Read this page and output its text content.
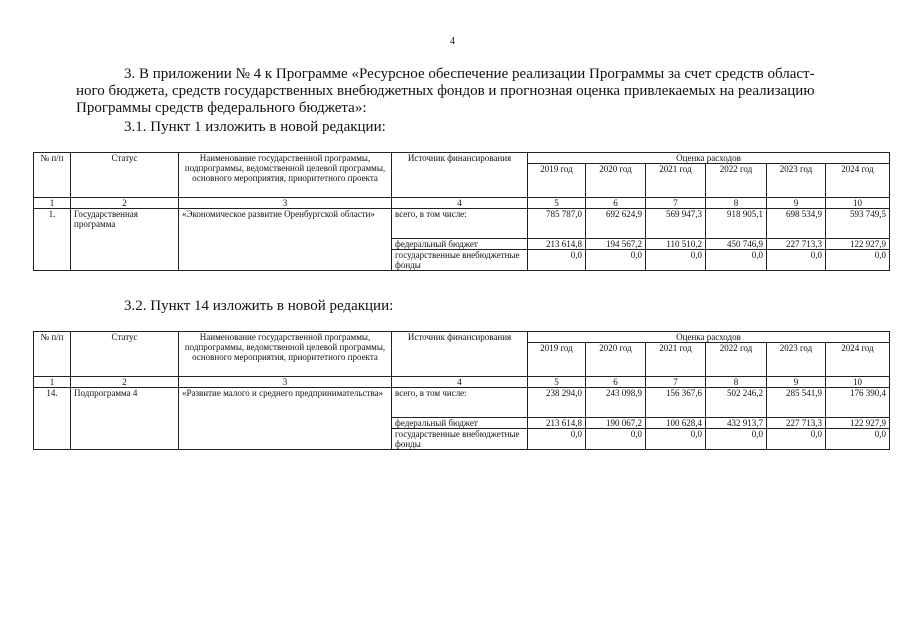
4
3. В приложении № 4 к Программе «Ресурсное обеспечение реализации Программы за счет средств област-
ного бюджета, средств государственных внебюджетных фондов и прогнозная оценка привлекаемых на реализацию
Программы средств федерального бюджета»:
3.1. Пункт 1 изложить в новой редакции:
№ п/п	Статус	Наименование государственной программы, подпрограммы, ведомственной целевой программы, основного мероприятия, приоритетного проекта	Источник финансирования	Оценка расходов					
				2019 год	2020 год	2021 год	2022 год	2023 год	2024 год
1	2	3	4	5	6	7	8	9	10
1.	Государственная программа	«Экономическое развитие Оренбургской области»	всего, в том числе:	785 787,0	692 624,9	569 947,3	918 905,1	698 534,9	593 749,5
			федеральный бюджет	213 614,8	194 567,2	110 510,2	450 746,9	227 713,3	122 927,9
			государственные внебюджетные фонды	0,0	0,0	0,0	0,0	0,0	0,0
3.2. Пункт 14 изложить в новой редакции:
№ п/п	Статус	Наименование государственной программы, подпрограммы, ведомственной целевой программы, основного мероприятия, приоритетного проекта	Источник финансирования	Оценка расходов					
				2019 год	2020 год	2021 год	2022 год	2023 год	2024 год
1	2	3	4	5	6	7	8	9	10
14.	Подпрограмма 4	«Развитие малого и среднего предпринимательства»	всего, в том числе:	238 294,0	243 098,9	156 367,6	502 246,2	285 541,9	176 390,4
			федеральный бюджет	213 614,8	190 067,2	100 628,4	432 913,7	227 713,3	122 927,9
			государственные внебюджетные фонды	0,0	0,0	0,0	0,0	0,0	0,0
